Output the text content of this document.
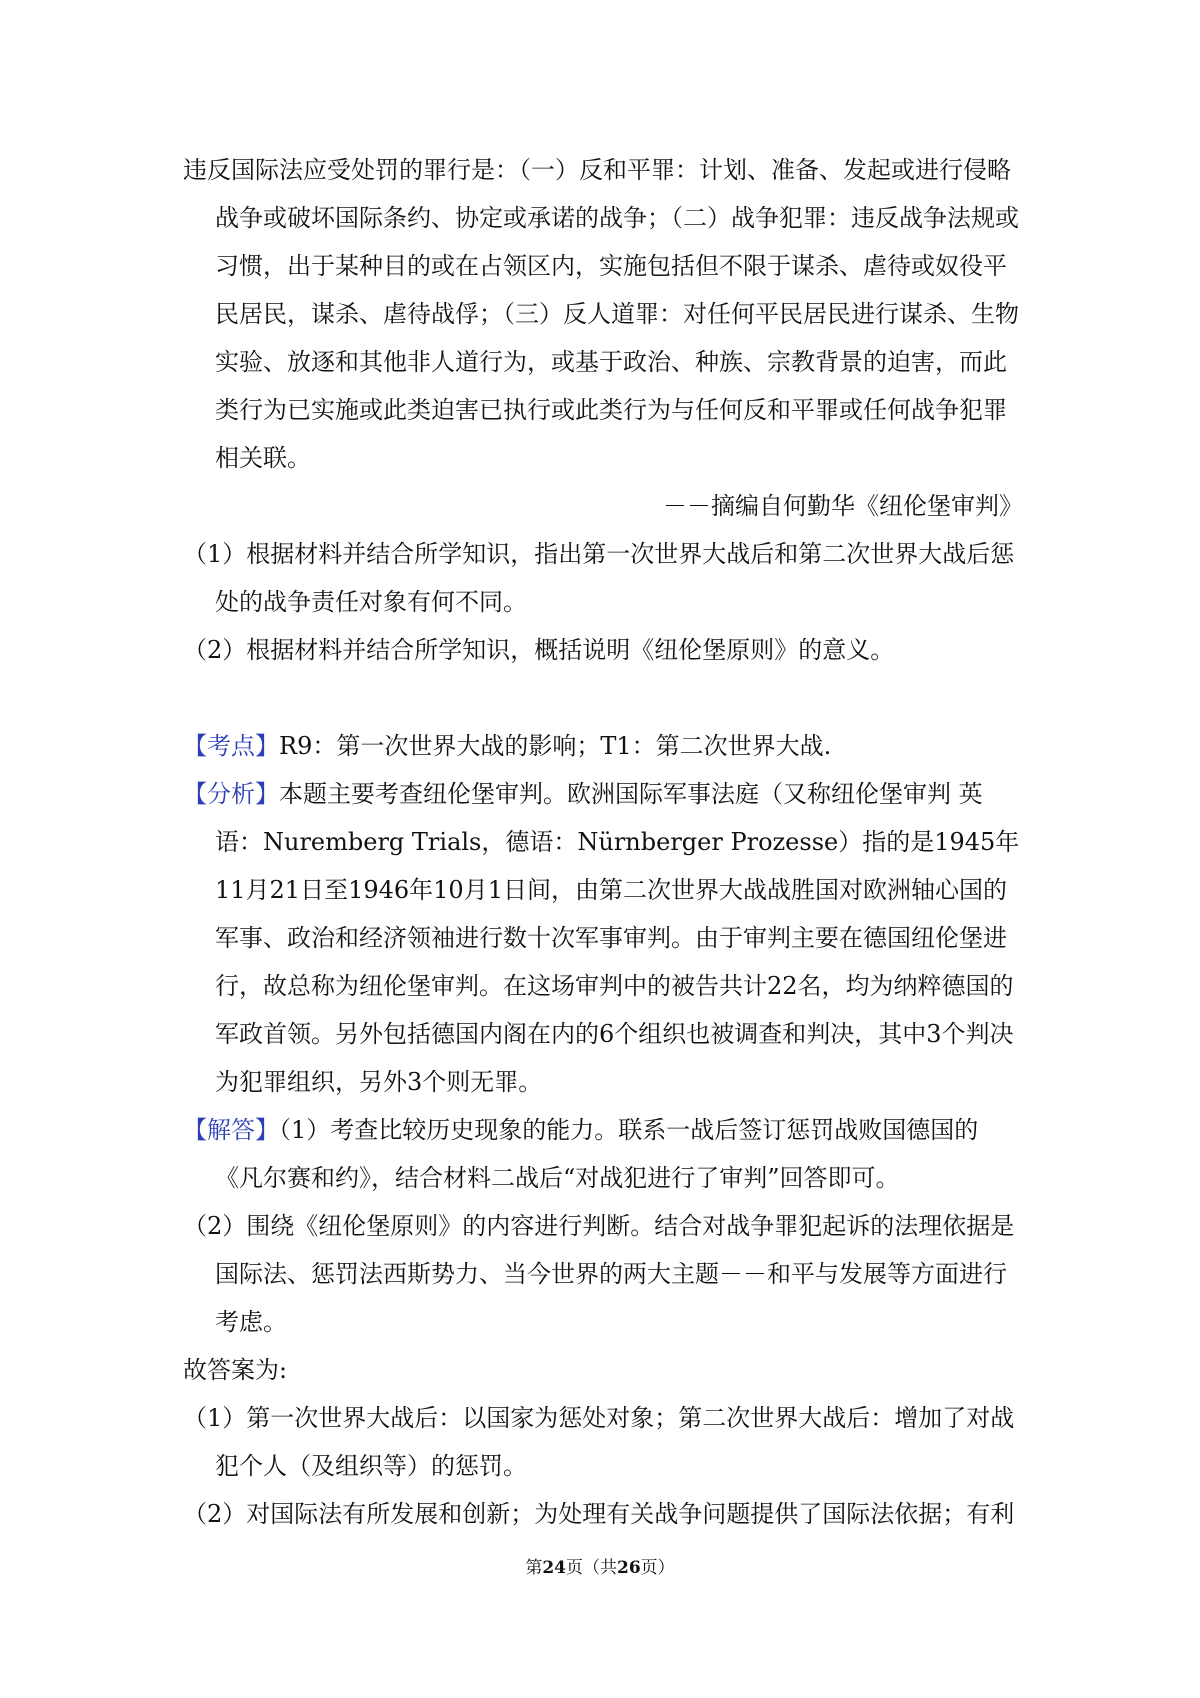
违反国际法应受处罚的罪行是：（一）反和平罪：计划、准备、发起或进行侵略战争或破坏国际条约、协定或承诺的战争；（二）战争犯罪：违反战争法规或习惯，出于某种目的或在占领区内，实施包括但不限于谋杀、虐待或奴役平民居民，谋杀、虐待战俘；（三）反人道罪：对任何平民居民进行谋杀、生物实验、放逐和其他非人道行为，或基于政治、种族、宗教背景的迫害，而此类行为已实施或此类迫害已执行或此类行为与任何反和平罪或任何战争犯罪相关联。

－－摘编自何勤华《纽伦堡审判》

（1）根据材料并结合所学知识，指出第一次世界大战后和第二次世界大战后惩处的战争责任对象有何不同。

（2）根据材料并结合所学知识，概括说明《纽伦堡原则》的意义。

【考点】R9：第一次世界大战的影响；T1：第二次世界大战.

【分析】本题主要考查纽伦堡审判。欧洲国际军事法庭（又称纽伦堡审判 英语：Nuremberg Trials，德语：Nürnberger Prozesse）指的是1945年11月21日至1946年10月1日间，由第二次世界大战战胜国对欧洲轴心国的军事、政治和经济领袖进行数十次军事审判。由于审判主要在德国纽伦堡进行，故总称为纽伦堡审判。在这场审判中的被告共计22名，均为纳粹德国的军政首领。另外包括德国内阁在内的6个组织也被调查和判决，其中3个判决为犯罪组织，另外3个则无罪。

【解答】（1）考查比较历史现象的能力。联系一战后签订惩罚战败国德国的《凡尔赛和约》，结合材料二战后“对战犯进行了审判”回答即可。

（2）围绕《纽伦堡原则》的内容进行判断。结合对战争罪犯起诉的法理依据是国际法、惩罚法西斯势力、当今世界的两大主题－－和平与发展等方面进行考虑。

故答案为:

（1）第一次世界大战后：以国家为惩处对象；第二次世界大战后：增加了对战犯个人（及组织等）的惩罚。

（2）对国际法有所发展和创新；为处理有关战争问题提供了国际法依据；有利

第24页（共26页）
